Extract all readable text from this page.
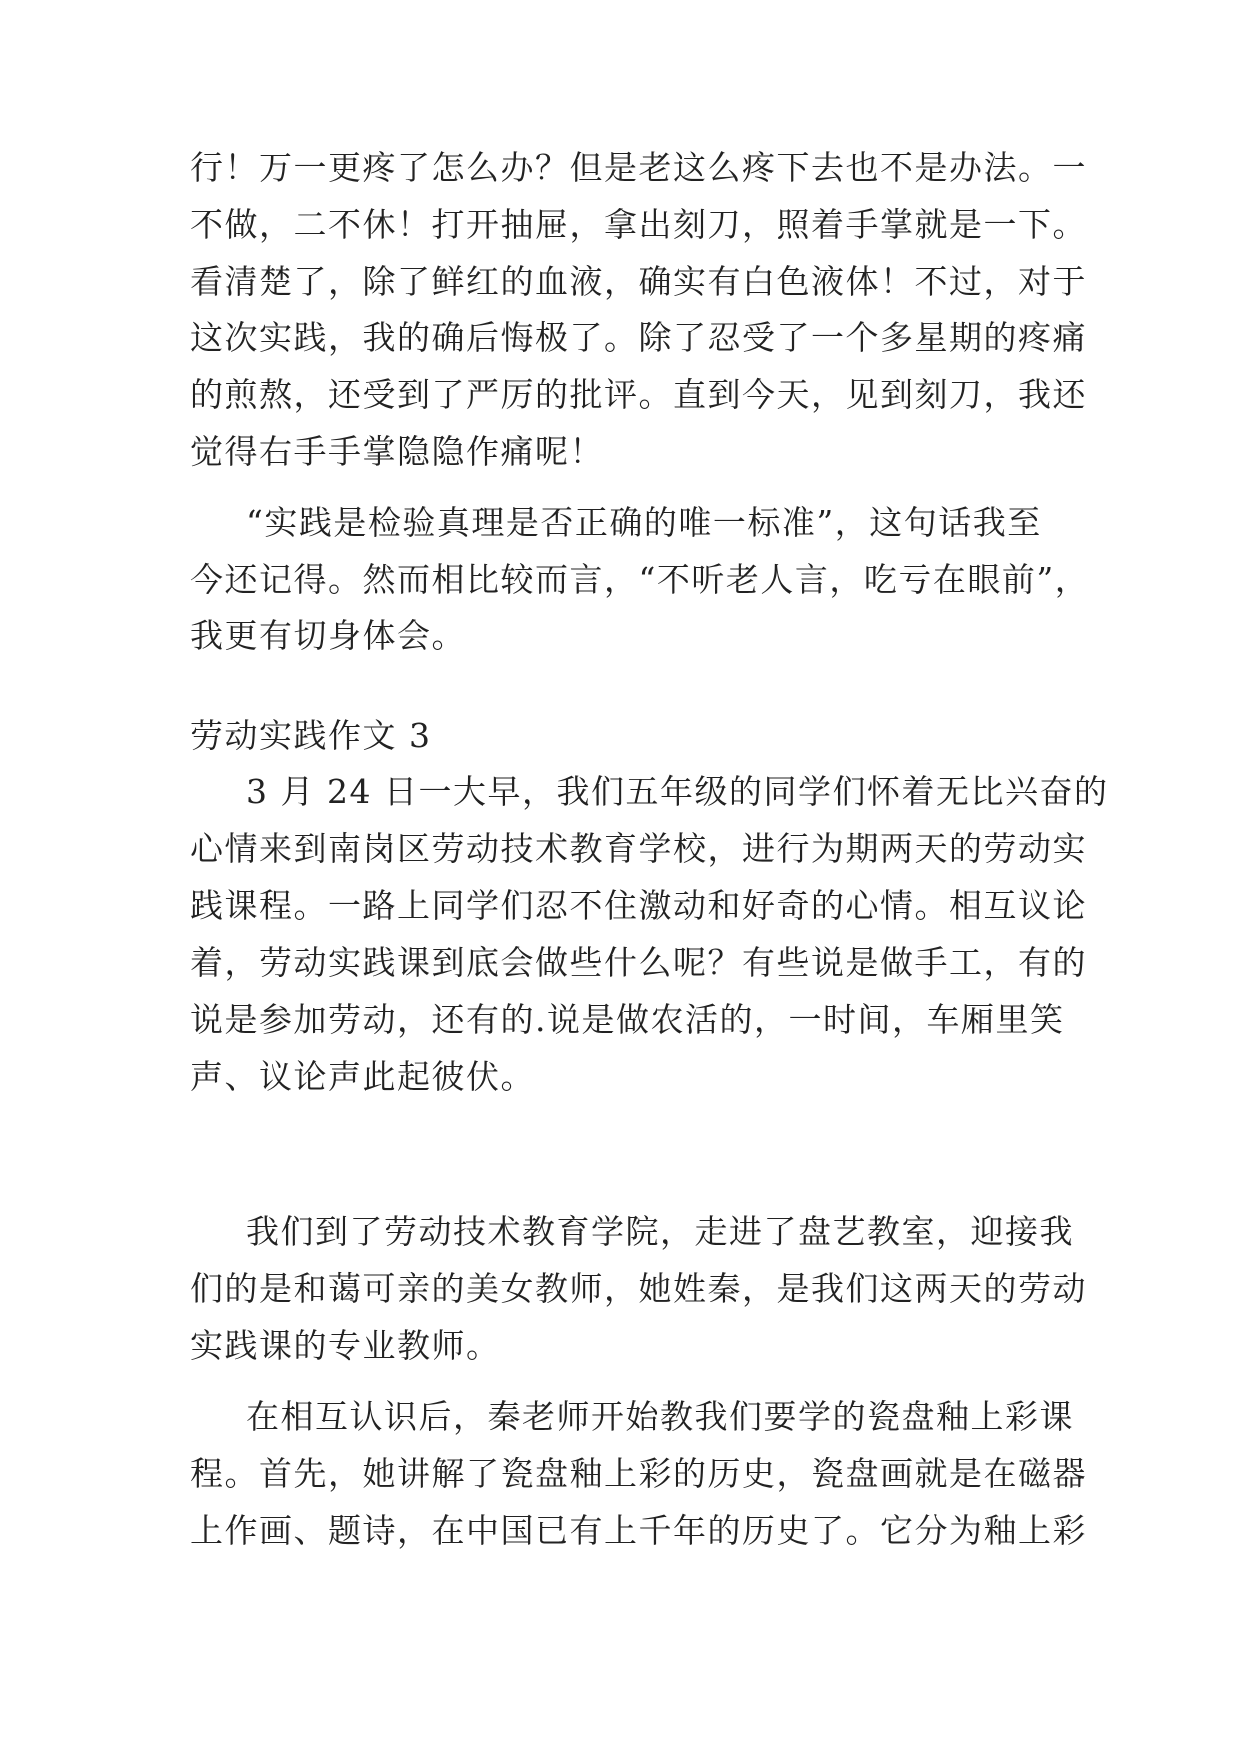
行！万一更疼了怎么办？但是老这么疼下去也不是办法。一
不做，二不休！打开抽屉，拿出刻刀，照着手掌就是一下。
看清楚了，除了鲜红的血液，确实有白色液体！不过，对于
这次实践，我的确后悔极了。除了忍受了一个多星期的疼痛
的煎熬，还受到了严厉的批评。直到今天，见到刻刀，我还
觉得右手手掌隐隐作痛呢！
“实践是检验真理是否正确的唯一标准”，这句话我至
今还记得。然而相比较而言，“不听老人言，吃亏在眼前”，
我更有切身体会。
劳动实践作文 3
3 月 24 日一大早，我们五年级的同学们怀着无比兴奋的
心情来到南岗区劳动技术教育学校，进行为期两天的劳动实
践课程。一路上同学们忍不住激动和好奇的心情。相互议论
着，劳动实践课到底会做些什么呢？有些说是做手工，有的
说是参加劳动，还有的.说是做农活的，一时间，车厢里笑
声、议论声此起彼伏。
我们到了劳动技术教育学院，走进了盘艺教室，迎接我
们的是和蔼可亲的美女教师，她姓秦，是我们这两天的劳动
实践课的专业教师。
在相互认识后，秦老师开始教我们要学的瓷盘釉上彩课
程。首先，她讲解了瓷盘釉上彩的历史，瓷盘画就是在磁器
上作画、题诗，在中国已有上千年的历史了。它分为釉上彩
